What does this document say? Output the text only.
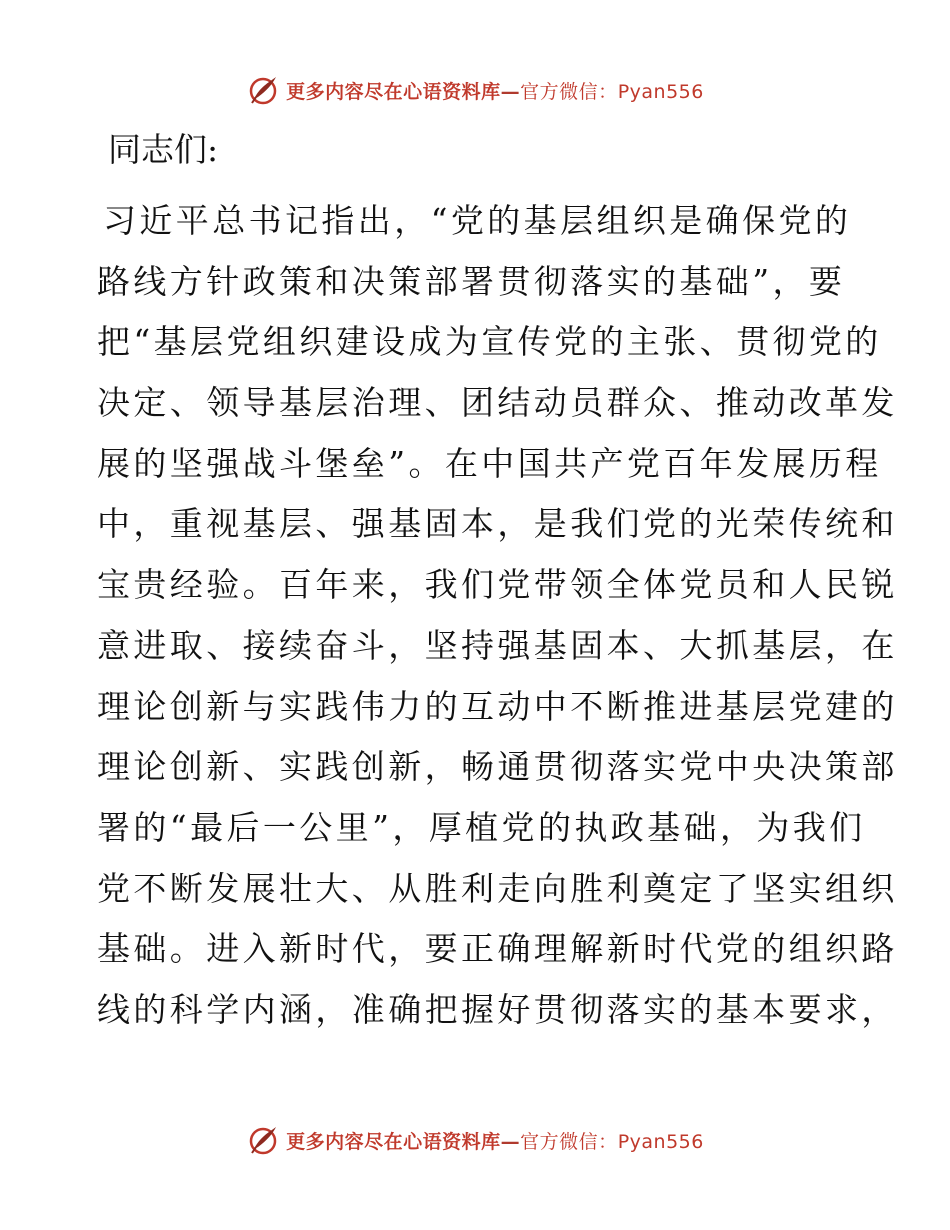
更多内容尽在心语资料库—官方微信：Pyan556

同志们:

习近平总书记指出，“党的基层组织是确保党的
路线方针政策和决策部署贯彻落实的基础”，要
把“基层党组织建设成为宣传党的主张、贯彻党的
决定、领导基层治理、团结动员群众、推动改革发
展的坚强战斗堡垒”。在中国共产党百年发展历程
中，重视基层、强基固本，是我们党的光荣传统和
宝贵经验。百年来，我们党带领全体党员和人民锐
意进取、接续奋斗，坚持强基固本、大抓基层，在
理论创新与实践伟力的互动中不断推进基层党建的
理论创新、实践创新，畅通贯彻落实党中央决策部
署的“最后一公里”，厚植党的执政基础，为我们
党不断发展壮大、从胜利走向胜利奠定了坚实组织
基础。进入新时代，要正确理解新时代党的组织路
线的科学内涵，准确把握好贯彻落实的基本要求，
更多内容尽在心语资料库—官方微信：Pyan556
